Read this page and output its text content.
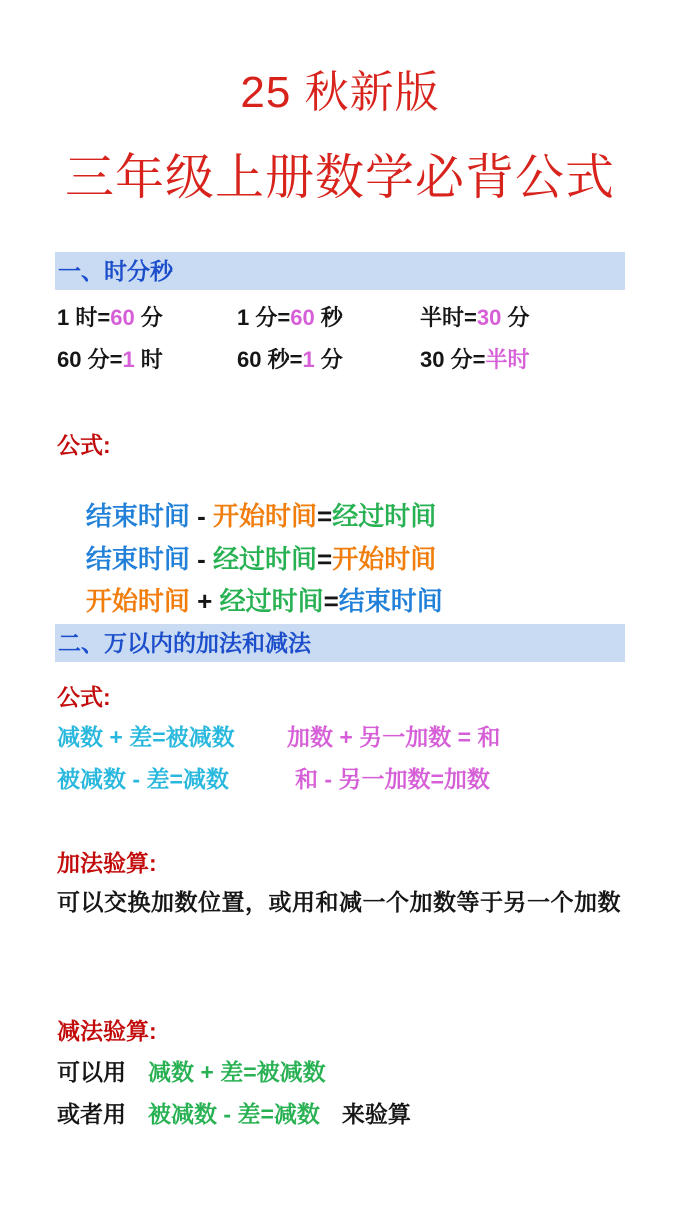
25 秋新版
三年级上册数学必背公式
一、时分秒
1 时=60 分	1 分=60 秒	半时=30 分
60 分=1 时	60 秒=1 分	30 分=半时
公式:

结束时间 - 开始时间=经过时间

结束时间 - 经过时间=开始时间

开始时间 + 经过时间=结束时间

二、万以内的加法和减法
公式:
减数 + 差=被减数	加数 + 另一加数 = 和
被减数 - 差=减数	和 - 另一加数=加数
加法验算:
可以交换加数位置，或用和减一个加数等于另一个加数
减法验算:
可以用 减数 + 差=被减数
或者用 被减数 - 差=减数 来验算
